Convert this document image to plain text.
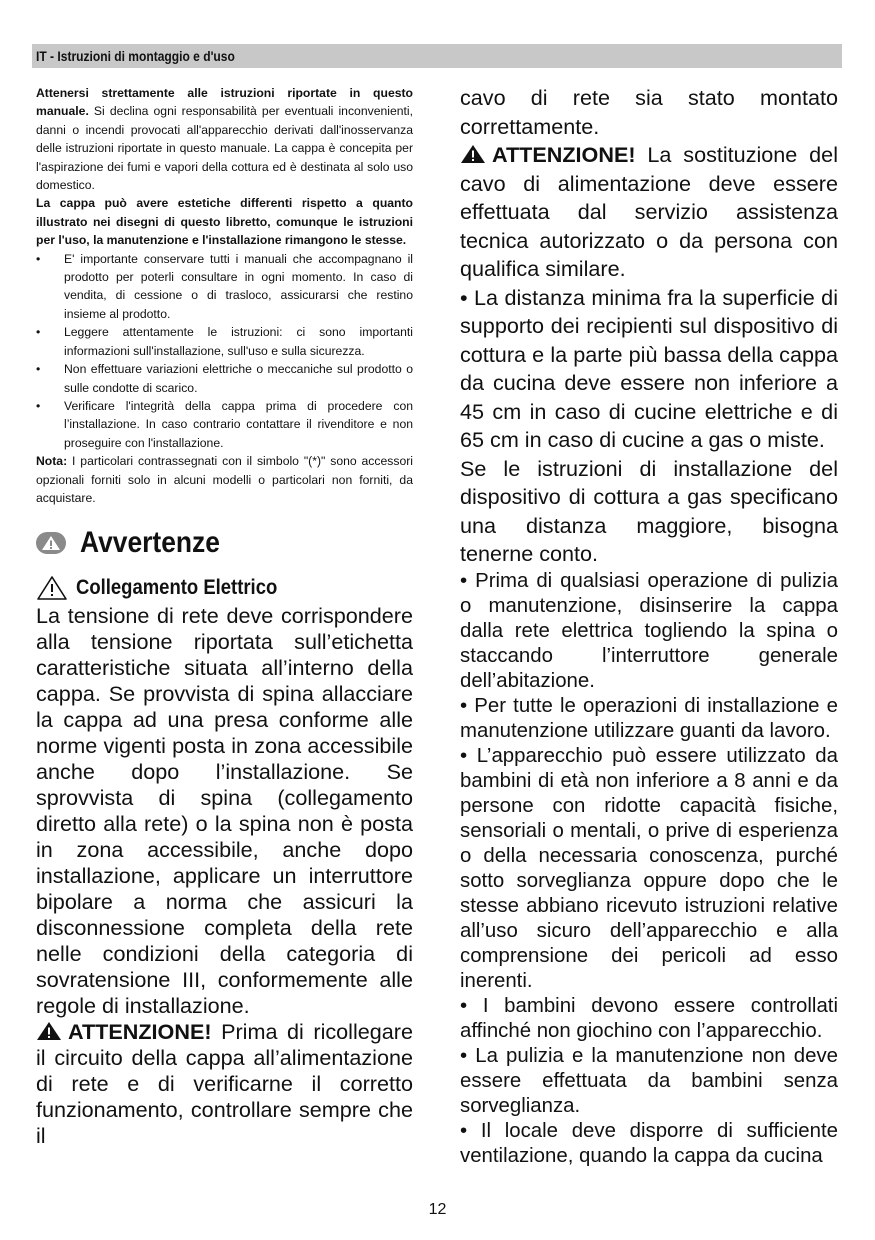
IT - Istruzioni di montaggio e d'uso

Attenersi strettamente alle istruzioni riportate in questo manuale. Si declina ogni responsabilità per eventuali inconvenienti, danni o incendi provocati all'apparecchio derivati dall'inosservanza delle istruzioni riportate in questo manuale. La cappa è concepita per l'aspirazione dei fumi e vapori della cottura ed è destinata al solo uso domestico.

La cappa può avere estetiche differenti rispetto a quanto illustrato nei disegni di questo libretto, comunque le istruzioni per l'uso, la manutenzione e l'installazione rimangono le stesse.

• E' importante conservare tutti i manuali che accompagnano il prodotto per poterli consultare in ogni momento. In caso di vendita, di cessione o di trasloco, assicurarsi che restino insieme al prodotto.
• Leggere attentamente le istruzioni: ci sono importanti informazioni sull'installazione, sull'uso e sulla sicurezza.
• Non effettuare variazioni elettriche o meccaniche sul prodotto o sulle condotte di scarico.
• Verificare l'integrità della cappa prima di procedere con l’installazione. In caso contrario contattare il rivenditore e non proseguire con l'installazione.

Nota: I particolari contrassegnati con il simbolo "(*)" sono accessori opzionali forniti solo in alcuni modelli o particolari non forniti, da acquistare.

Avvertenze
Collegamento Elettrico

La tensione di rete deve corrispondere alla tensione riportata sull’etichetta caratteristiche situata all’interno della cappa. Se provvista di spina allacciare la cappa ad una presa conforme alle norme vigenti posta in zona accessibile anche dopo l’installazione. Se sprovvista di spina (collegamento diretto alla rete) o la spina non è posta in zona accessibile, anche dopo installazione, applicare un interruttore bipolare a norma che assicuri la disconnessione completa della rete nelle condizioni della categoria di sovratensione III, conformemente alle regole di installazione.

ATTENZIONE! Prima di ricollegare il circuito della cappa all’alimentazione di rete e di verificarne il corretto funzionamento, controllare sempre che il

cavo di rete sia stato montato correttamente.

ATTENZIONE! La sostituzione del cavo di alimentazione deve essere effettuata dal servizio assistenza tecnica autorizzato o da persona con qualifica similare.

• La distanza minima fra la superficie di supporto dei recipienti sul dispositivo di cottura e la parte più bassa della cappa da cucina deve essere non inferiore a 45 cm in caso di cucine elettriche e di 65 cm in caso di cucine a gas o miste.

Se le istruzioni di installazione del dispositivo di cottura a gas specificano una distanza maggiore, bisogna tenerne conto.

• Prima di qualsiasi operazione di pulizia o manutenzione, disinserire la cappa dalla rete elettrica togliendo la spina o staccando l’interruttore generale dell’abitazione.

• Per tutte le operazioni di installazione e manutenzione utilizzare guanti da lavoro.

• L’apparecchio può essere utilizzato da bambini di età non inferiore a 8 anni e da persone con ridotte capacità fisiche, sensoriali o mentali, o prive di esperienza o della necessaria conoscenza, purché sotto sorveglianza oppure dopo che le stesse abbiano ricevuto istruzioni relative all’uso sicuro dell’apparecchio e alla comprensione dei pericoli ad esso inerenti.

• I bambini devono essere controllati affinché non giochino con l’apparecchio.

• La pulizia e la manutenzione non deve essere effettuata da bambini senza sorveglianza.

• Il locale deve disporre di sufficiente ventilazione, quando la cappa da cucina

12
